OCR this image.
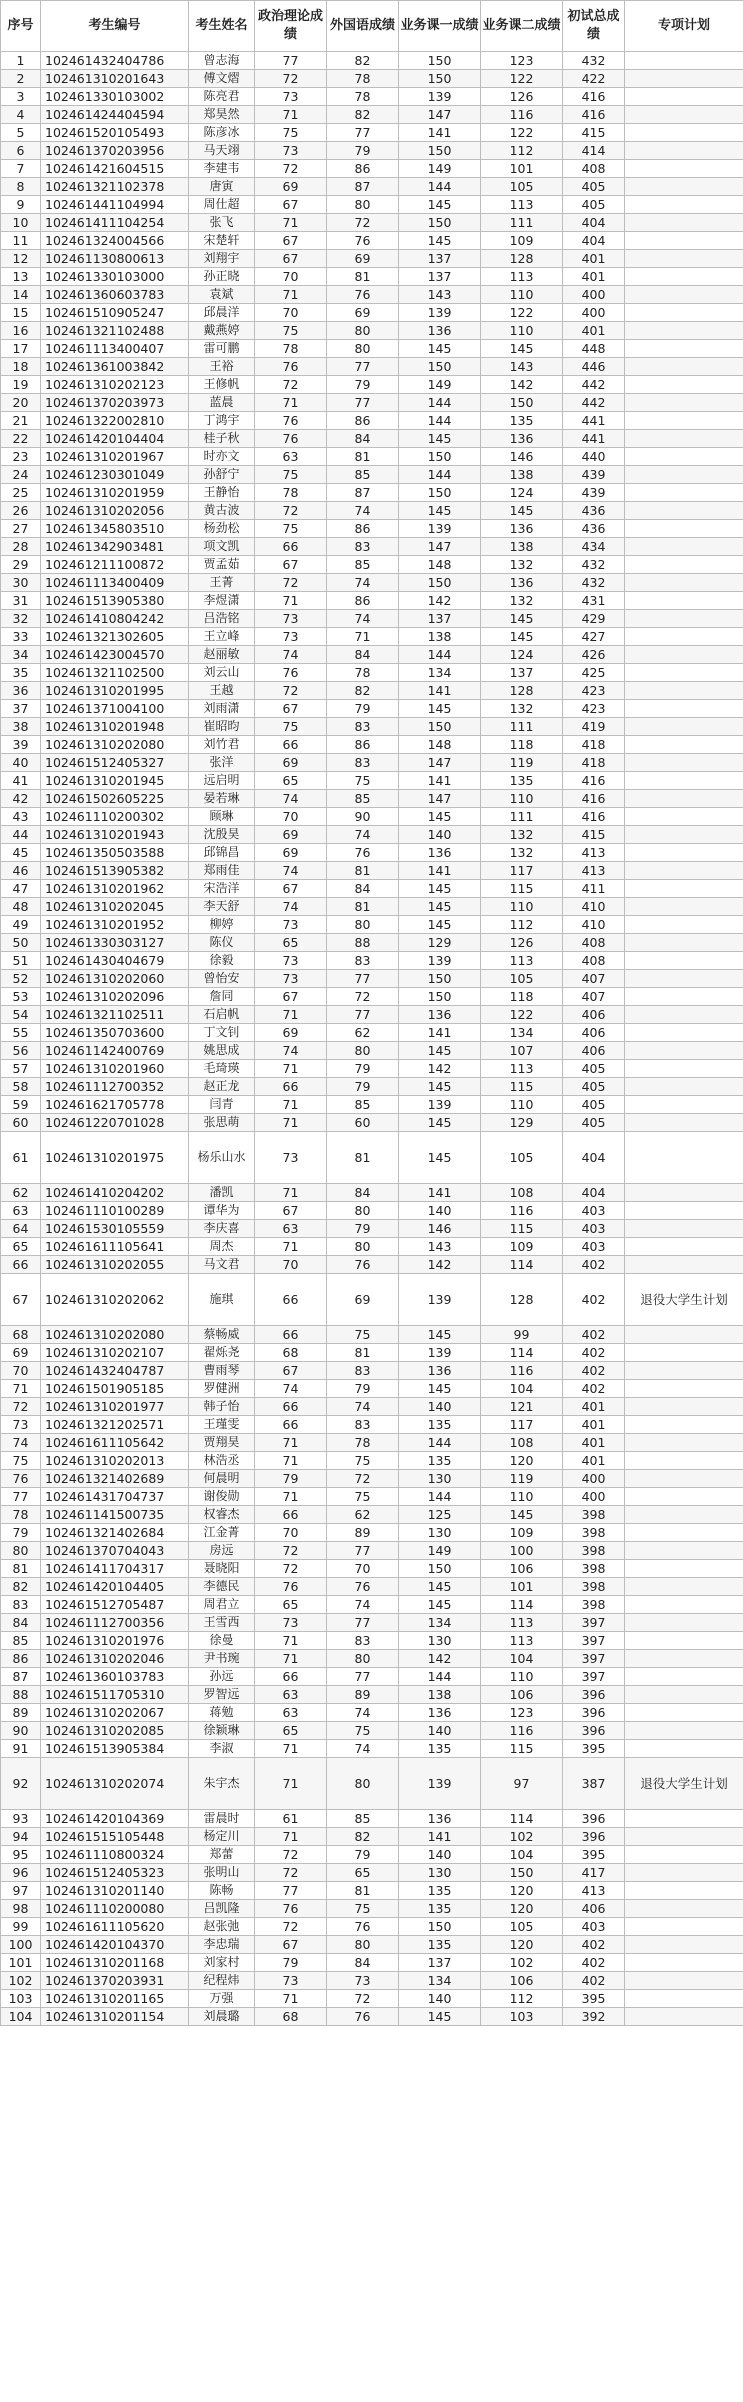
序号	考生编号	考生姓名	政治理论成绩	外国语成绩	业务课一成绩	业务课二成绩	初试总成绩	专项计划
1	102461432404786	曾志海	77	82	150	123	432	
2	102461310201643	傅文熠	72	78	150	122	422	
3	102461330103002	陈亮君	73	78	139	126	416	
4	102461424404594	郑昊然	71	82	147	116	416	
5	102461520105493	陈彦冰	75	77	141	122	415	
6	102461370203956	马天翊	73	79	150	112	414	
7	102461421604515	李建韦	72	86	149	101	408	
8	102461321102378	唐寅	69	87	144	105	405	
9	102461441104994	周仕超	67	80	145	113	405	
10	102461411104254	张飞	71	72	150	111	404	
11	102461324004566	宋楚轩	67	76	145	109	404	
12	102461130800613	刘翔宇	67	69	137	128	401	
13	102461330103000	孙正晓	70	81	137	113	401	
14	102461360603783	袁斌	71	76	143	110	400	
15	102461510905247	邱晨洋	70	69	139	122	400	
16	102461321102488	戴燕婷	75	80	136	110	401	
17	102461113400407	雷可鹏	78	80	145	145	448	
18	102461361003842	王裕	76	77	150	143	446	
19	102461310202123	王修帆	72	79	149	142	442	
20	102461370203973	蓝晨	71	77	144	150	442	
21	102461322002810	丁鸿宇	76	86	144	135	441	
22	102461420104404	桂子秋	76	84	145	136	441	
23	102461310201967	时亦文	63	81	150	146	440	
24	102461230301049	孙舒宁	75	85	144	138	439	
25	102461310201959	王静怡	78	87	150	124	439	
26	102461310202056	黄古波	72	74	145	145	436	
27	102461345803510	杨劲松	75	86	139	136	436	
28	102461342903481	项文凯	66	83	147	138	434	
29	102461211100872	贾孟茹	67	85	148	132	432	
30	102461113400409	王菁	72	74	150	136	432	
31	102461513905380	李煜潇	71	86	142	132	431	
32	102461410804242	吕浩铭	73	74	137	145	429	
33	102461321302605	王立峰	73	71	138	145	427	
34	102461423004570	赵丽敏	74	84	144	124	426	
35	102461321102500	刘云山	76	78	134	137	425	
36	102461310201995	王越	72	82	141	128	423	
37	102461371004100	刘雨潇	67	79	145	132	423	
38	102461310201948	崔昭昀	75	83	150	111	419	
39	102461310202080	刘竹君	66	86	148	118	418	
40	102461512405327	张洋	69	83	147	119	418	
41	102461310201945	远启明	65	75	141	135	416	
42	102461502605225	晏若琳	74	85	147	110	416	
43	102461110200302	顾琳	70	90	145	111	416	
44	102461310201943	沈殷昊	69	74	140	132	415	
45	102461350503588	邱锦昌	69	76	136	132	413	
46	102461513905382	郑雨佳	74	81	141	117	413	
47	102461310201962	宋浩洋	67	84	145	115	411	
48	102461310202045	李天舒	74	81	145	110	410	
49	102461310201952	柳婷	73	80	145	112	410	
50	102461330303127	陈仪	65	88	129	126	408	
51	102461430404679	徐毅	73	83	139	113	408	
52	102461310202060	曾怡安	73	77	150	105	407	
53	102461310202096	詹同	67	72	150	118	407	
54	102461321102511	石启帆	71	77	136	122	406	
55	102461350703600	丁文钊	69	62	141	134	406	
56	102461142400769	姚思成	74	80	145	107	406	
57	102461310201960	毛琦瑛	71	79	142	113	405	
58	102461112700352	赵正龙	66	79	145	115	405	
59	102461621705778	闫青	71	85	139	110	405	
60	102461220701028	张思萌	71	60	145	129	405	
61	102461310201975	杨乐山水	73	81	145	105	404	
62	102461410204202	潘凯	71	84	141	108	404	
63	102461110100289	谭华为	67	80	140	116	403	
64	102461530105559	李庆喜	63	79	146	115	403	
65	102461611105641	周杰	71	80	143	109	403	
66	102461310202055	马文君	70	76	142	114	402	
67	102461310202062	施琪	66	69	139	128	402	退役大学生计划
68	102461310202080	蔡畅威	66	75	145	99	402	
69	102461310202107	翟烁尧	68	81	139	114	402	
70	102461432404787	曹雨琴	67	83	136	116	402	
71	102461501905185	罗健洲	74	79	145	104	402	
72	102461310201977	韩子怡	66	74	140	121	401	
73	102461321202571	王瑾雯	66	83	135	117	401	
74	102461611105642	贾翔昊	71	78	144	108	401	
75	102461310202013	林浩丞	71	75	135	120	401	
76	102461321402689	何晨明	79	72	130	119	400	
77	102461431704737	谢俊勋	71	75	144	110	400	
78	102461141500735	权睿杰	66	62	125	145	398	
79	102461321402684	江金菁	70	89	130	109	398	
80	102461370704043	房远	72	77	149	100	398	
81	102461411704317	聂晓阳	72	70	150	106	398	
82	102461420104405	李德民	76	76	145	101	398	
83	102461512705487	周君立	65	74	145	114	398	
84	102461112700356	王雪西	73	77	134	113	397	
85	102461310201976	徐曼	71	83	130	113	397	
86	102461310202046	尹书琬	71	80	142	104	397	
87	102461360103783	孙远	66	77	144	110	397	
88	102461511705310	罗智远	63	89	138	106	396	
89	102461310202067	蒋勉	63	74	136	123	396	
90	102461310202085	徐颖琳	65	75	140	116	396	
91	102461513905384	李淑	71	74	135	115	395	
92	102461310202074	朱宇杰	71	80	139	97	387	退役大学生计划
93	102461420104369	雷晨时	61	85	136	114	396	
94	102461515105448	杨定川	71	82	141	102	396	
95	102461110800324	郑蕾	72	79	140	104	395	
96	102461512405323	张明山	72	65	130	150	417	
97	102461310201140	陈畅	77	81	135	120	413	
98	102461110200080	吕凯隆	76	75	135	120	406	
99	102461611105620	赵张弛	72	76	150	105	403	
100	102461420104370	李忠瑞	67	80	135	120	402	
101	102461310201168	刘家村	79	84	137	102	402	
102	102461370203931	纪程炜	73	73	134	106	402	
103	102461310201165	万强	71	72	140	112	395	
104	102461310201154	刘晨璐	68	76	145	103	392	
